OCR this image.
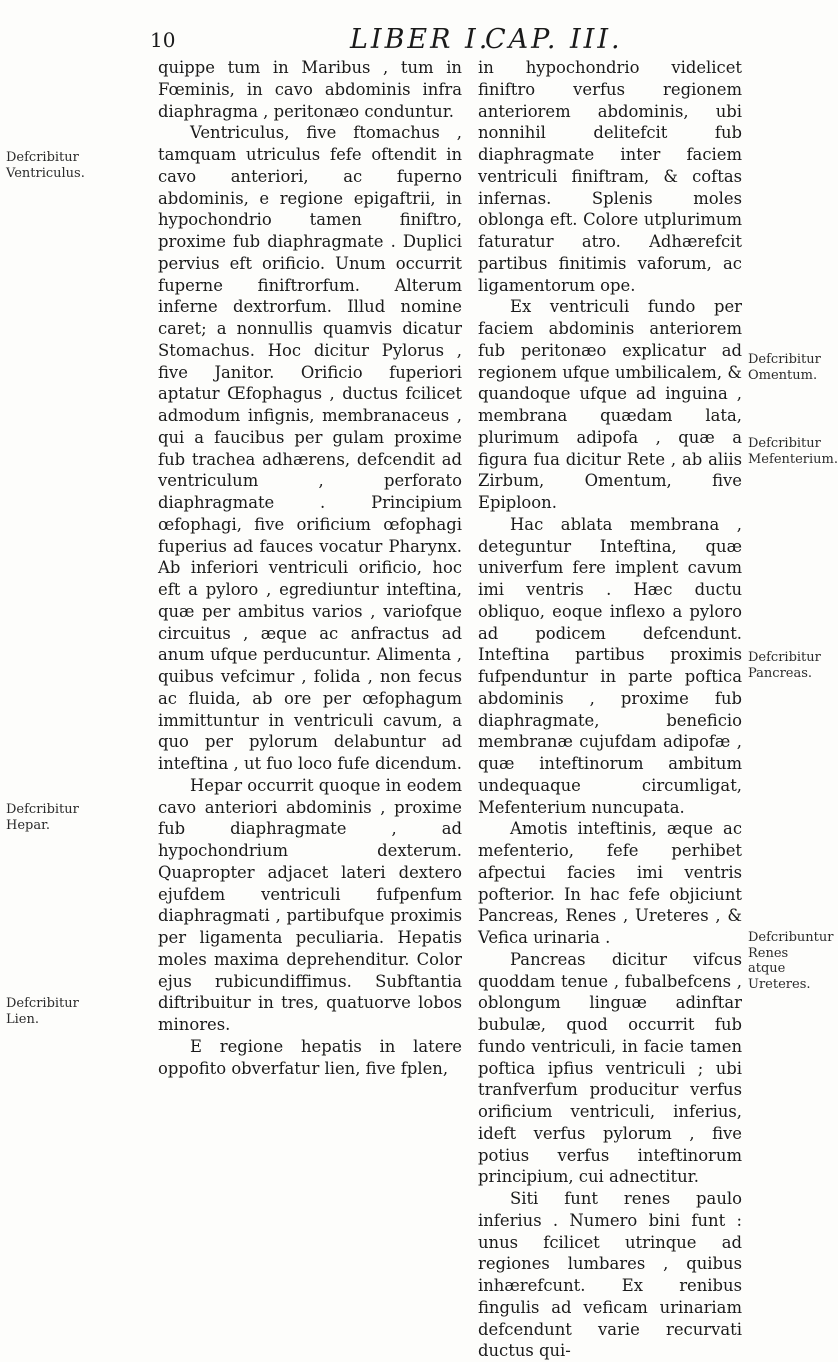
10	LIBER I.
CAP. III.

quippe tum in Maribus , tum in Fœminis, in cavo abdominis infra diaphragma , peritonæo conduntur.

Ventriculus, five ftomachus , tamquam utriculus fefe oftendit in cavo anteriori, ac fuperno abdominis, e regione epigaftrii, in hypochondrio tamen finiftro, proxime fub diaphragmate . Duplici pervius eft orificio. Unum occurrit fuperne finiftrorfum. Alterum inferne dextrorfum. Illud nomine caret; a nonnullis quamvis dicatur Stomachus. Hoc dicitur Pylorus , five Janitor. Orificio fuperiori aptatur Œfophagus , ductus fcilicet admodum infignis, membranaceus , qui a faucibus per gulam proxime fub trachea adhærens, defcendit ad ventriculum , perforato diaphragmate . Principium œfophagi, five orificium œfophagi fuperius ad fauces vocatur Pharynx. Ab inferiori ventriculi orificio, hoc eft a pyloro , egrediuntur inteftina, quæ per ambitus varios , variofque circuitus , æque ac anfractus ad anum ufque perducuntur. Alimenta , quibus vefcimur , folida , non fecus ac fluida, ab ore per œfophagum immittuntur in ventriculi cavum, a quo per pylorum delabuntur ad inteftina , ut fuo loco fufe dicendum.

Hepar occurrit quoque in eodem cavo anteriori abdominis , proxime fub diaphragmate , ad hypochondrium dexterum. Quapropter adjacet lateri dextero ejufdem ventriculi fufpenfum diaphragmati , partibufque proximis per ligamenta peculiaria. Hepatis moles maxima deprehenditur. Color ejus rubicundiffimus. Subftantia diftribuitur in tres, quatuorve lobos minores.

E regione hepatis in latere oppofito obverfatur lien, five fplen,

in hypochondrio videlicet finiftro verfus regionem anteriorem abdominis, ubi nonnihil delitefcit fub diaphragmate inter faciem ventriculi finiftram, & coftas infernas. Splenis moles oblonga eft. Colore utplurimum faturatur atro. Adhærefcit partibus finitimis vaforum, ac ligamentorum ope.

Ex ventriculi fundo per faciem abdominis anteriorem fub peritonæo explicatur ad regionem ufque umbilicalem, & quandoque ufque ad inguina , membrana quædam lata, plurimum adipofa , quæ a figura fua dicitur Rete , ab aliis Zirbum, Omentum, five Epiploon.

Hac ablata membrana , deteguntur Inteftina, quæ univerfum fere implent cavum imi ventris . Hæc ductu obliquo, eoque inflexo a pyloro ad podicem defcendunt. Inteftina partibus proximis fufpenduntur in parte poftica abdominis , proxime fub diaphragmate, beneficio membranæ cujufdam adipofæ , quæ inteftinorum ambitum undequaque circumligat, Mefenterium nuncupata.

Amotis inteftinis, æque ac mefenterio, fefe perhibet afpectui facies imi ventris pofterior. In hac fefe objiciunt Pancreas, Renes , Ureteres , & Vefica urinaria .

Pancreas dicitur vifcus quoddam tenue , fubalbefcens , oblongum linguæ adinftar bubulæ, quod occurrit fub fundo ventriculi, in facie tamen poftica ipfius ventriculi ; ubi tranfverfum producitur verfus orificium ventriculi, inferius, ideft verfus pylorum , five potius verfus inteftinorum principium, cui adnectitur.

Siti funt renes paulo inferius . Numero bini funt : unus fcilicet utrinque ad regiones lumbares , quibus inhærefcunt. Ex renibus fingulis ad veficam urinariam defcendunt varie recurvati ductus qui-

Defcribitur Ventriculus.
Defcribitur Hepar.
Defcribitur Lien.
Defcribitur Omentum.
Defcribitur Mefenterium.
Defcribitur Pancreas.
Defcribuntur Renes atque Ureteres.
